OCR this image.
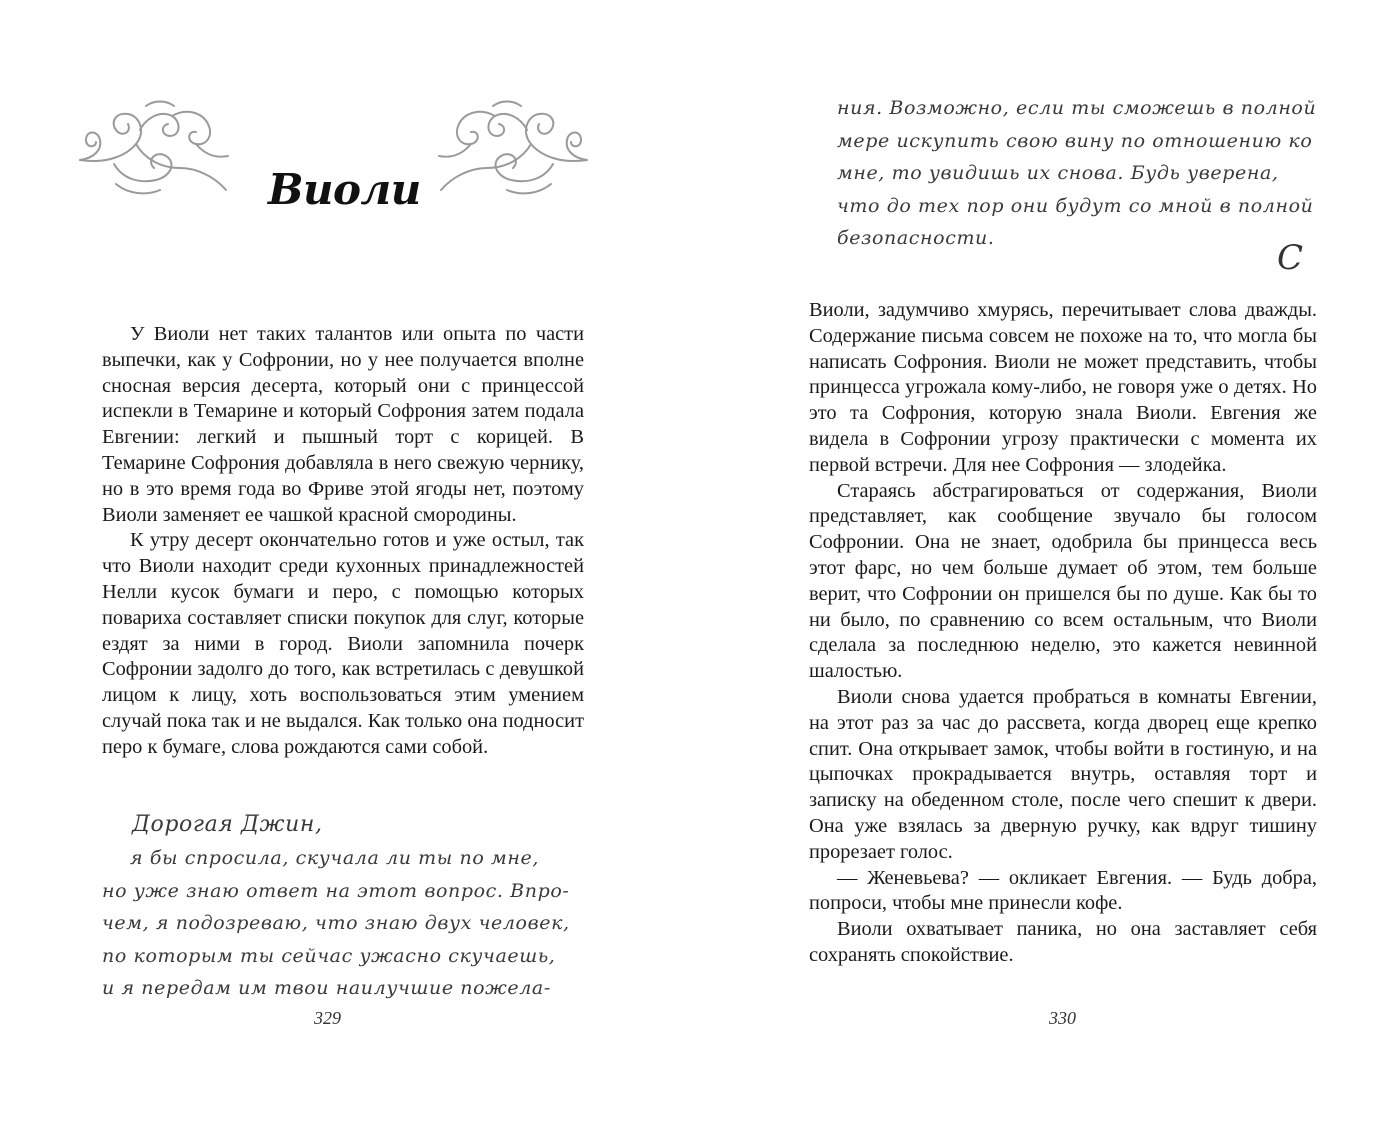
Виоли

У Виоли нет таких талантов или опыта по части выпечки, как у Софронии, но у нее получается вполне сносная версия десерта, который они с принцессой испекли в Темарине и который Софрония затем подала Евгении: легкий и пышный торт с корицей. В Темарине Софрония добавляла в него свежую чернику, но в это время года во Фриве этой ягоды нет, поэтому Виоли заменяет ее чашкой красной смородины.

К утру десерт окончательно готов и уже остыл, так что Виоли находит среди кухонных принадлежностей Нелли кусок бумаги и перо, с помощью которых повариха составляет списки покупок для слуг, которые ездят за ними в город. Виоли запомнила почерк Софронии задолго до того, как встретилась с девушкой лицом к лицу, хоть воспользоваться этим умением случай пока так и не выдался. Как только она подносит перо к бумаге, слова рождаются сами собой.

Дорогая Джин,
я бы спросила, скучала ли ты по мне,
но уже знаю ответ на этот вопрос. Впро-
чем, я подозреваю, что знаю двух человек,
по которым ты сейчас ужасно скучаешь,
и я передам им твои наилучшие пожела-
329
ния. Возможно, если ты сможешь в полной
мере искупить свою вину по отношению ко
мне, то увидишь их снова. Будь уверена,
что до тех пор они будут со мной в полной
безопасности.	С

Виоли, задумчиво хмурясь, перечитывает слова дважды. Содержание письма совсем не похоже на то, что могла бы написать Софрония. Виоли не может представить, чтобы принцесса угрожала кому-либо, не говоря уже о детях. Но это та Софрония, которую знала Виоли. Евгения же видела в Софронии угрозу практически с момента их первой встречи. Для нее Софрония — злодейка.

Стараясь абстрагироваться от содержания, Виоли представляет, как сообщение звучало бы голосом Софронии. Она не знает, одобрила бы принцесса весь этот фарс, но чем больше думает об этом, тем больше верит, что Софронии он пришелся бы по душе. Как бы то ни было, по сравнению со всем остальным, что Виоли сделала за последнюю неделю, это кажется невинной шалостью.

Виоли снова удается пробраться в комнаты Евгении, на этот раз за час до рассвета, когда дворец еще крепко спит. Она открывает замок, чтобы войти в гостиную, и на цыпочках прокрадывается внутрь, оставляя торт и записку на обеденном столе, после чего спешит к двери. Она уже взялась за дверную ручку, как вдруг тишину прорезает голос.

— Женевьева? — окликает Евгения. — Будь добра, попроси, чтобы мне принесли кофе.

Виоли охватывает паника, но она заставляет себя сохранять спокойствие.

330
